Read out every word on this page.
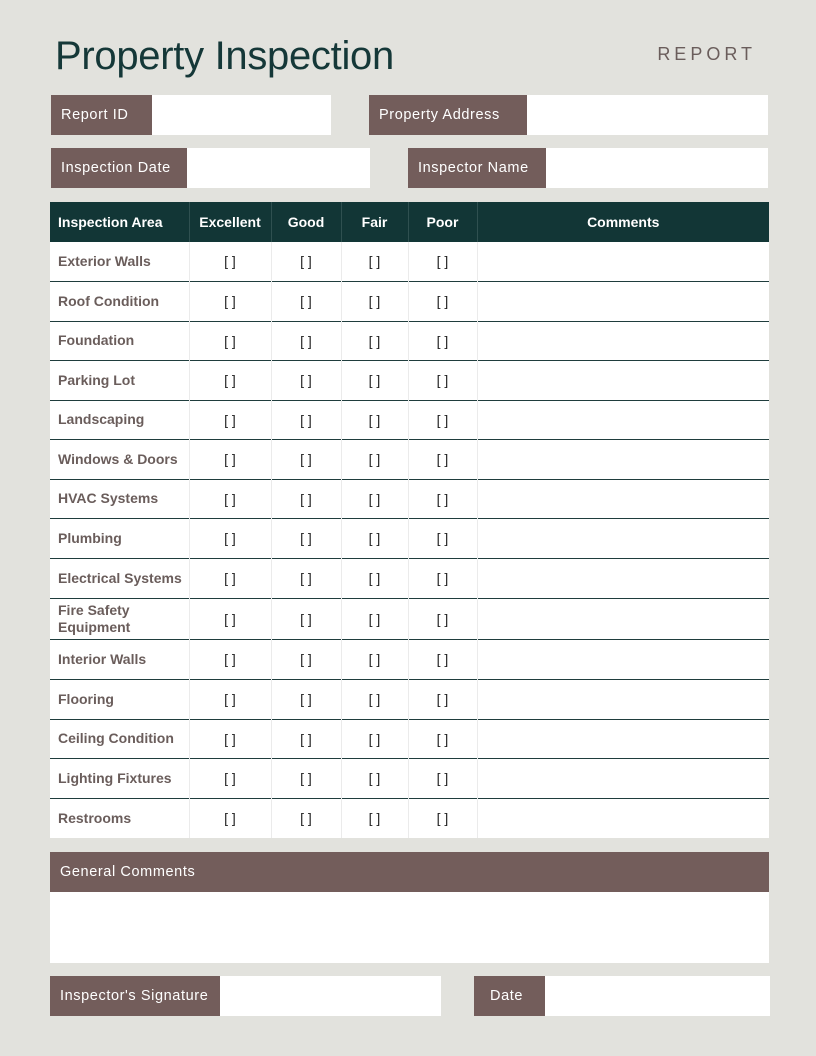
Property Inspection	REPORT
Report ID	Property Address
Inspection Date	Inspector Name
Inspection Area	Excellent	Good	Fair	Poor	Comments
Exterior Walls	[ ]	[ ]	[ ]	[ ]	
Roof Condition	[ ]	[ ]	[ ]	[ ]	
Foundation	[ ]	[ ]	[ ]	[ ]	
Parking Lot	[ ]	[ ]	[ ]	[ ]	
Landscaping	[ ]	[ ]	[ ]	[ ]	
Windows & Doors	[ ]	[ ]	[ ]	[ ]	
HVAC Systems	[ ]	[ ]	[ ]	[ ]	
Plumbing	[ ]	[ ]	[ ]	[ ]	
Electrical Systems	[ ]	[ ]	[ ]	[ ]	
Fire Safety Equipment	[ ]	[ ]	[ ]	[ ]	
Interior Walls	[ ]	[ ]	[ ]	[ ]	
Flooring	[ ]	[ ]	[ ]	[ ]	
Ceiling Condition	[ ]	[ ]	[ ]	[ ]	
Lighting Fixtures	[ ]	[ ]	[ ]	[ ]	
Restrooms	[ ]	[ ]	[ ]	[ ]	
General Comments
Inspector's Signature	Date
